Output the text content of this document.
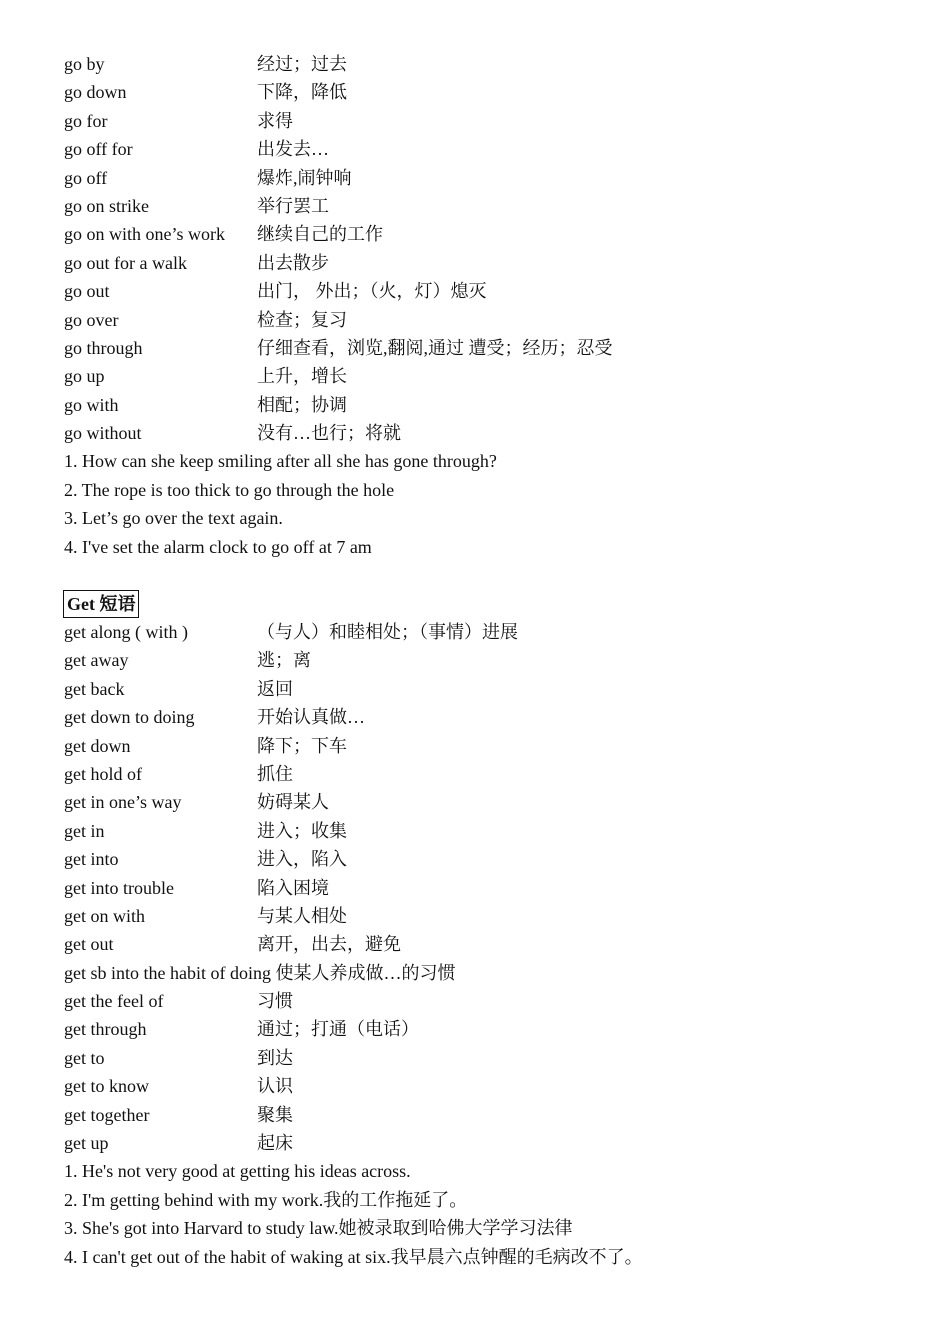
go by	经过；过去
go down	下降，降低
go for	求得
go off for	出发去…
go off	爆炸,闹钟响
go on strike	举行罢工
go on with one’s work 继续自己的工作
go out for a walk	出去散步
go out	出门， 外出；（火，灯）熄灭
go over	检查；复习
go through	仔细查看，浏览,翻阅,通过 遭受；经历；忍受
go up	上升，增长
go with	相配；协调
go without	没有…也行；将就
1. How can she keep smiling after all she has gone through?
2. The rope is too thick to go through the hole
3. Let’s go over the text again.
4. I've set the alarm clock to go off at 7 am
Get 短语
get along ( with )	（与人）和睦相处；（事情）进展
get away	逃；离
get back	返回
get down to doing	开始认真做…
get down	降下；下车
get hold of	抓住
get in one’s way	妨碍某人
get in	进入；收集
get into	进入，陷入
get into trouble	陷入困境
get on with	与某人相处
get out	离开，出去，避免
get sb into the habit of doing 使某人养成做…的习惯
get the feel of	习惯
get through	通过；打通（电话）
get to	到达
get to know	认识
get together	聚集
get up	起床
1. He's not very good at getting his ideas across.
2. I'm getting behind with my work.我的工作拖延了。
3. She's got into Harvard to study law.她被录取到哈佛大学学习法律
4. I can't get out of the habit of waking at six.我早晨六点钟醒的毛病改不了。
